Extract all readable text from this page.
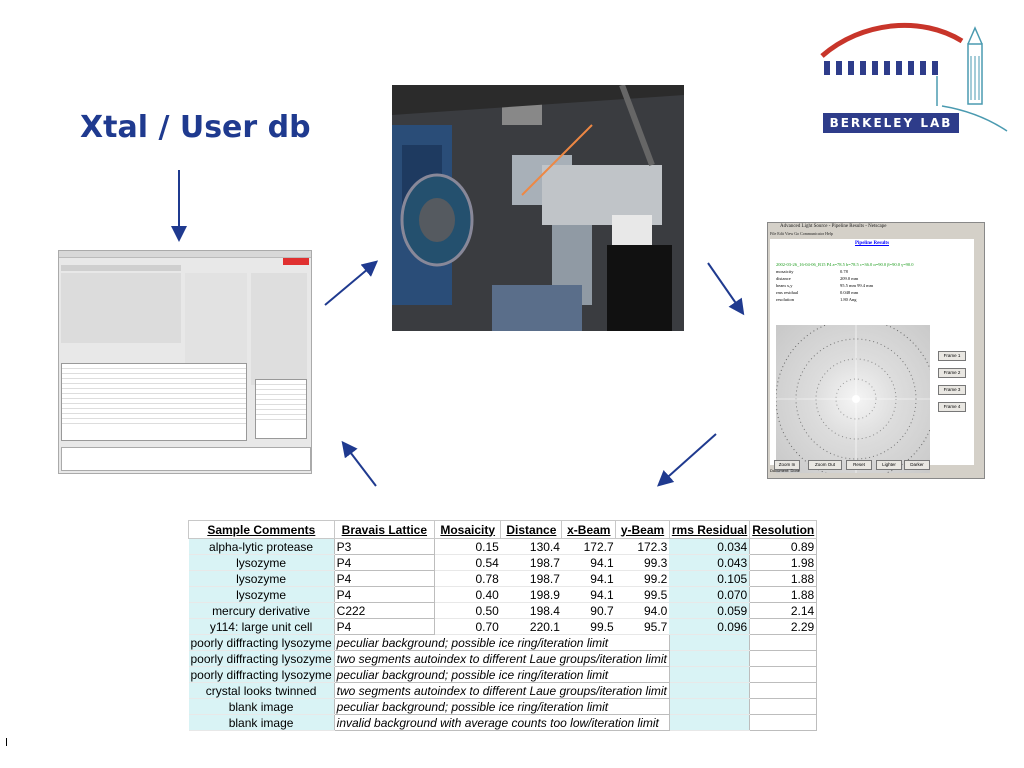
Xtal / User db	BERKELEY LAB
Advanced Light Source - Pipeline Results - Netscape
File Edit View Go Communicator Help
Pipeline Results
2002-03-26_16-04-06_B15 P4 a=78.5 b=78.5 c=36.0 α=90.0 β=90.0 γ=90.0
mosaicity	0.78
distance	209.0 mm
beam x,y	95.5 mm 99.4 mm
rms residual	0.048 mm
resolution	1.80 Ang
Frame 1
Frame 2
Frame 3
Frame 4
Zoom In	Zoom Out	Reset	Lighter	Darker
Document: Done
Sample Comments	Bravais Lattice	Mosaicity	Distance	x-Beam	y-Beam	rms Residual	Resolution
alpha-lytic protease	P3	0.15	130.4	172.7	172.3	0.034	0.89
lysozyme	P4	0.54	198.7	94.1	99.3	0.043	1.98
lysozyme	P4	0.78	198.7	94.1	99.2	0.105	1.88
lysozyme	P4	0.40	198.9	94.1	99.5	0.070	1.88
mercury derivative	C222	0.50	198.4	90.7	94.0	0.059	2.14
y114: large unit cell	P4	0.70	220.1	99.5	95.7	0.096	2.29
poorly diffracting lysozyme	peculiar background; possible ice ring/iteration limit						
poorly diffracting lysozyme	two segments autoindex to different Laue groups/iteration limit						
poorly diffracting lysozyme	peculiar background; possible ice ring/iteration limit						
crystal looks twinned	two segments autoindex to different Laue groups/iteration limit						
blank image	peculiar background; possible ice ring/iteration limit						
blank image	invalid background with average counts too low/iteration limit						
